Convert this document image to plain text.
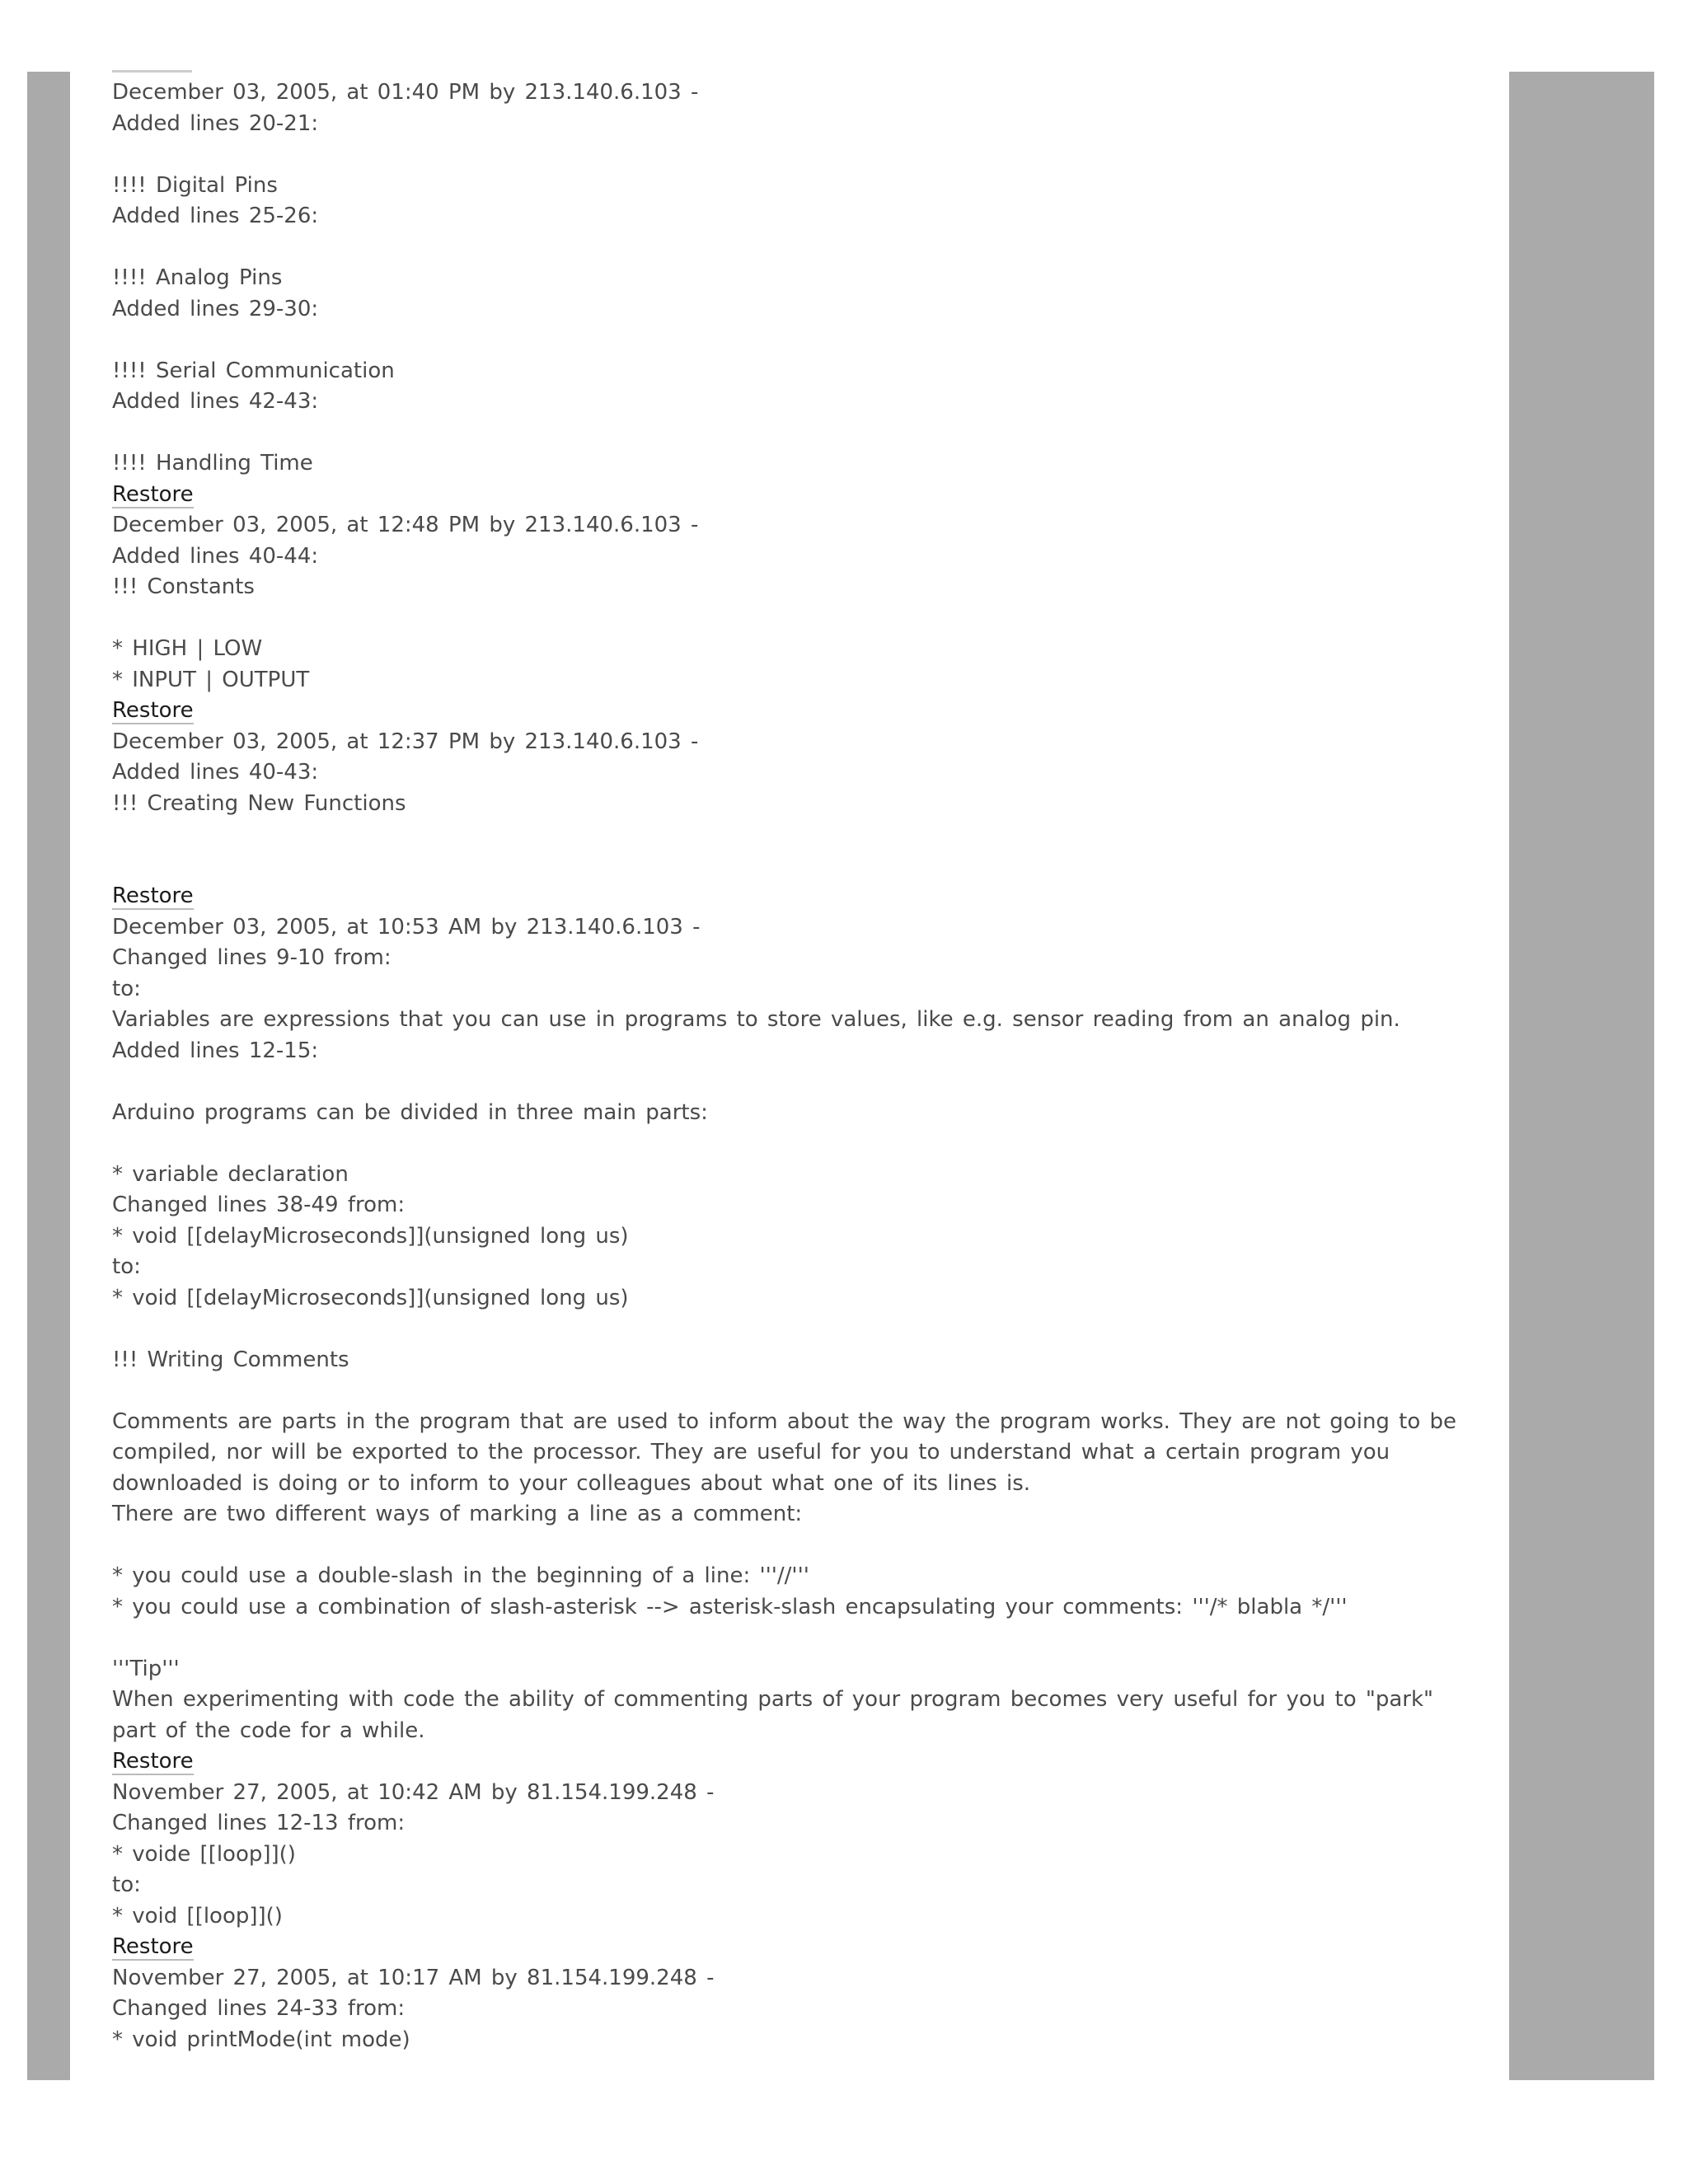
December 03, 2005, at 01:40 PM by 213.140.6.103 -
Added lines 20-21:
!!!! Digital Pins
Added lines 25-26:
!!!! Analog Pins
Added lines 29-30:
!!!! Serial Communication
Added lines 42-43:
!!!! Handling Time
Restore
December 03, 2005, at 12:48 PM by 213.140.6.103 -
Added lines 40-44:
!!! Constants
* HIGH | LOW
* INPUT | OUTPUT
Restore
December 03, 2005, at 12:37 PM by 213.140.6.103 -
Added lines 40-43:
!!! Creating New Functions
Restore
December 03, 2005, at 10:53 AM by 213.140.6.103 -
Changed lines 9-10 from:
to:
Variables are expressions that you can use in programs to store values, like e.g. sensor reading from an analog pin.
Added lines 12-15:
Arduino programs can be divided in three main parts:
* variable declaration
Changed lines 38-49 from:
* void [[delayMicroseconds]](unsigned long us)
to:
* void [[delayMicroseconds]](unsigned long us)
!!! Writing Comments
Comments are parts in the program that are used to inform about the way the program works. They are not going to be compiled, nor will be exported to the processor. They are useful for you to understand what a certain program you downloaded is doing or to inform to your colleagues about what one of its lines is.
There are two different ways of marking a line as a comment:
* you could use a double-slash in the beginning of a line: '''//'''
* you could use a combination of slash-asterisk --> asterisk-slash encapsulating your comments: '''/* blabla */'''
'''Tip'''
When experimenting with code the ability of commenting parts of your program becomes very useful for you to "park" part of the code for a while.
Restore
November 27, 2005, at 10:42 AM by 81.154.199.248 -
Changed lines 12-13 from:
* voide [[loop]]()
to:
* void [[loop]]()
Restore
November 27, 2005, at 10:17 AM by 81.154.199.248 -
Changed lines 24-33 from:
* void printMode(int mode)
